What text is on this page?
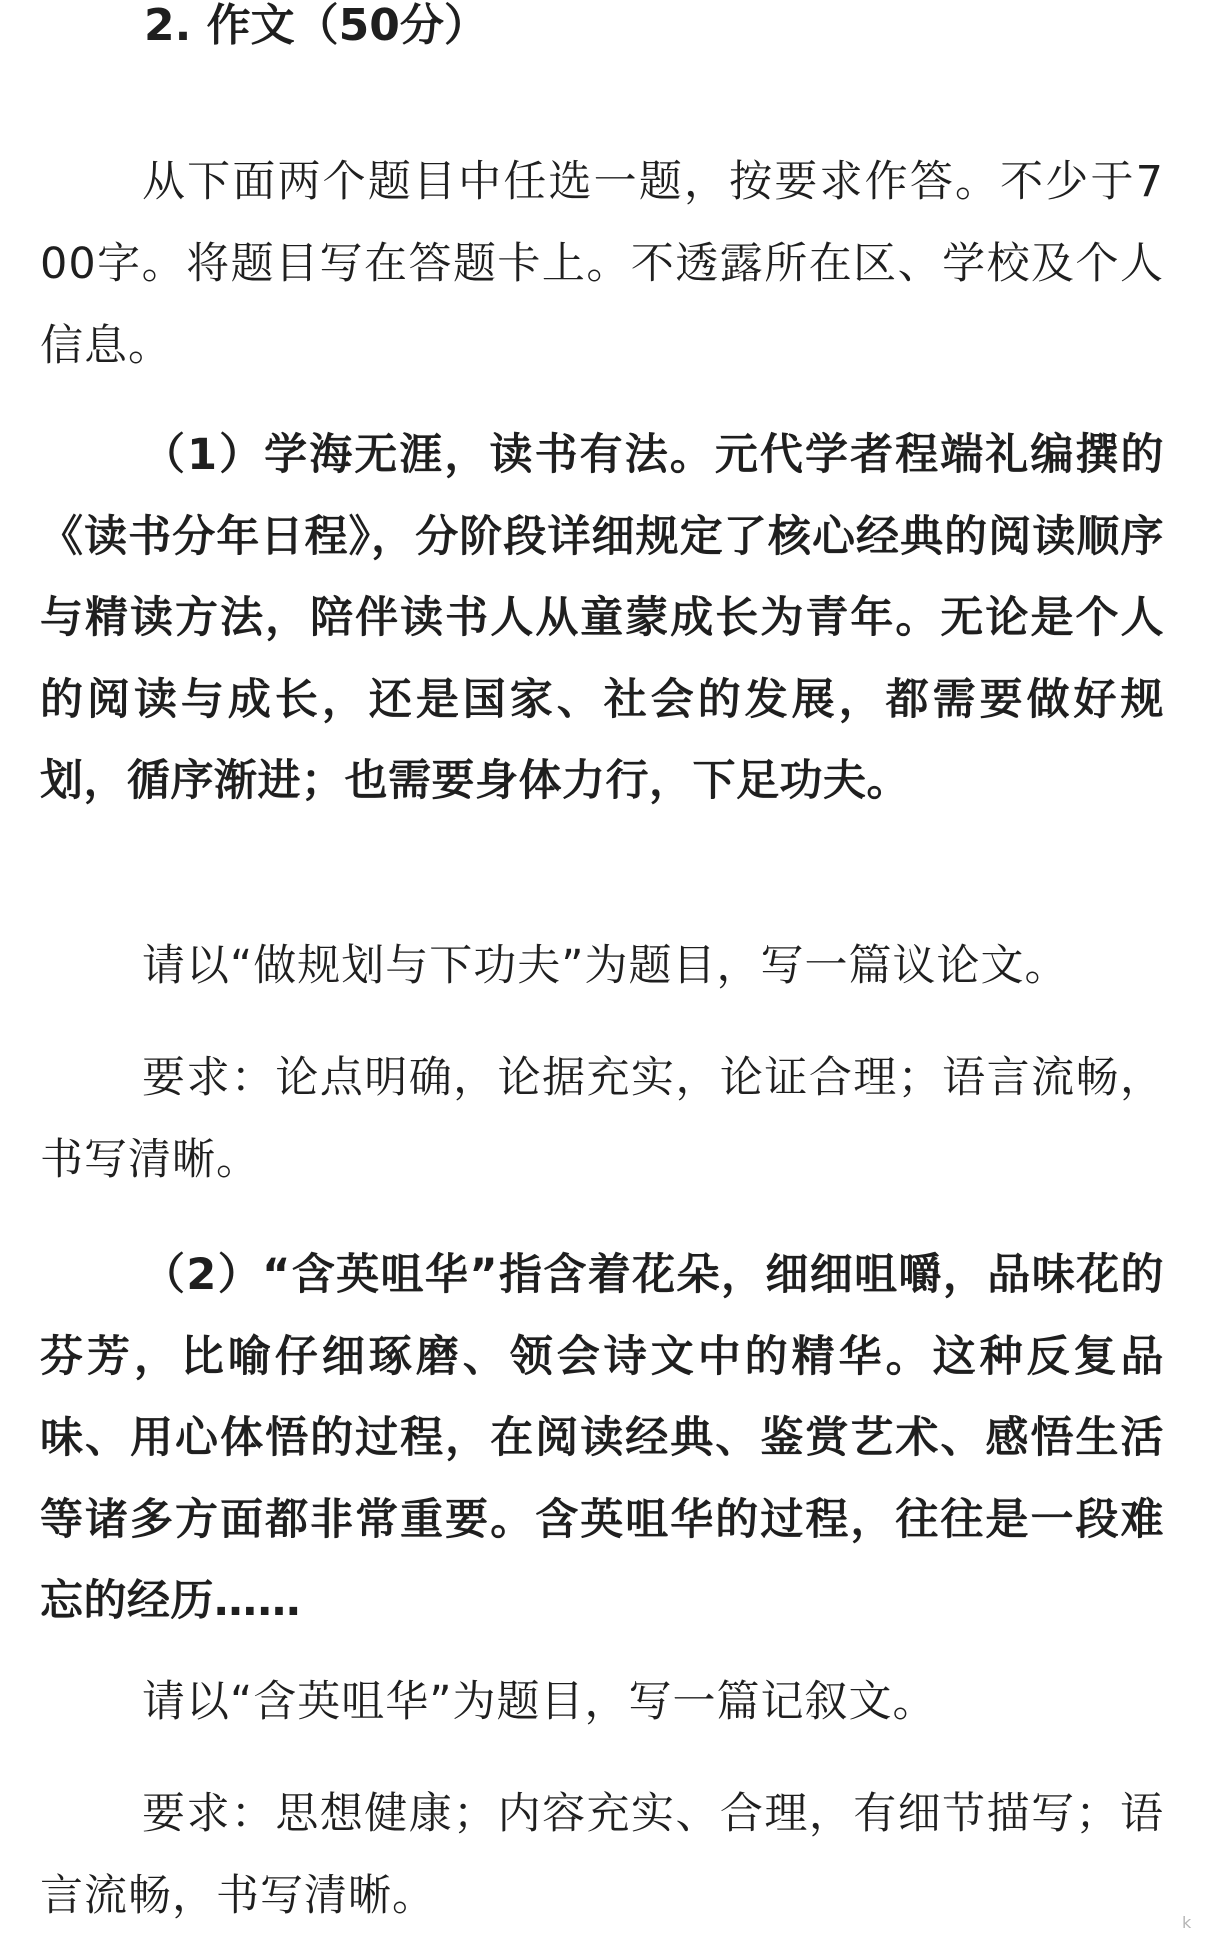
2. 作文（50分）

从下面两个题目中任选一题，按要求作答。不少于700字。将题目写在答题卡上。不透露所在区、学校及个人信息。

（1）学海无涯，读书有法。元代学者程端礼编撰的《读书分年日程》，分阶段详细规定了核心经典的阅读顺序与精读方法，陪伴读书人从童蒙成长为青年。无论是个人的阅读与成长，还是国家、社会的发展，都需要做好规划，循序渐进；也需要身体力行，下足功夫。

请以“做规划与下功夫”为题目，写一篇议论文。

要求：论点明确，论据充实，论证合理；语言流畅，书写清晰。

（2）“含英咀华”指含着花朵，细细咀嚼，品味花的芬芳，比喻仔细琢磨、领会诗文中的精华。这种反复品味、用心体悟的过程，在阅读经典、鉴赏艺术、感悟生活等诸多方面都非常重要。含英咀华的过程，往往是一段难忘的经历……

请以“含英咀华”为题目，写一篇记叙文。

要求：思想健康；内容充实、合理，有细节描写；语言流畅，书写清晰。

k
